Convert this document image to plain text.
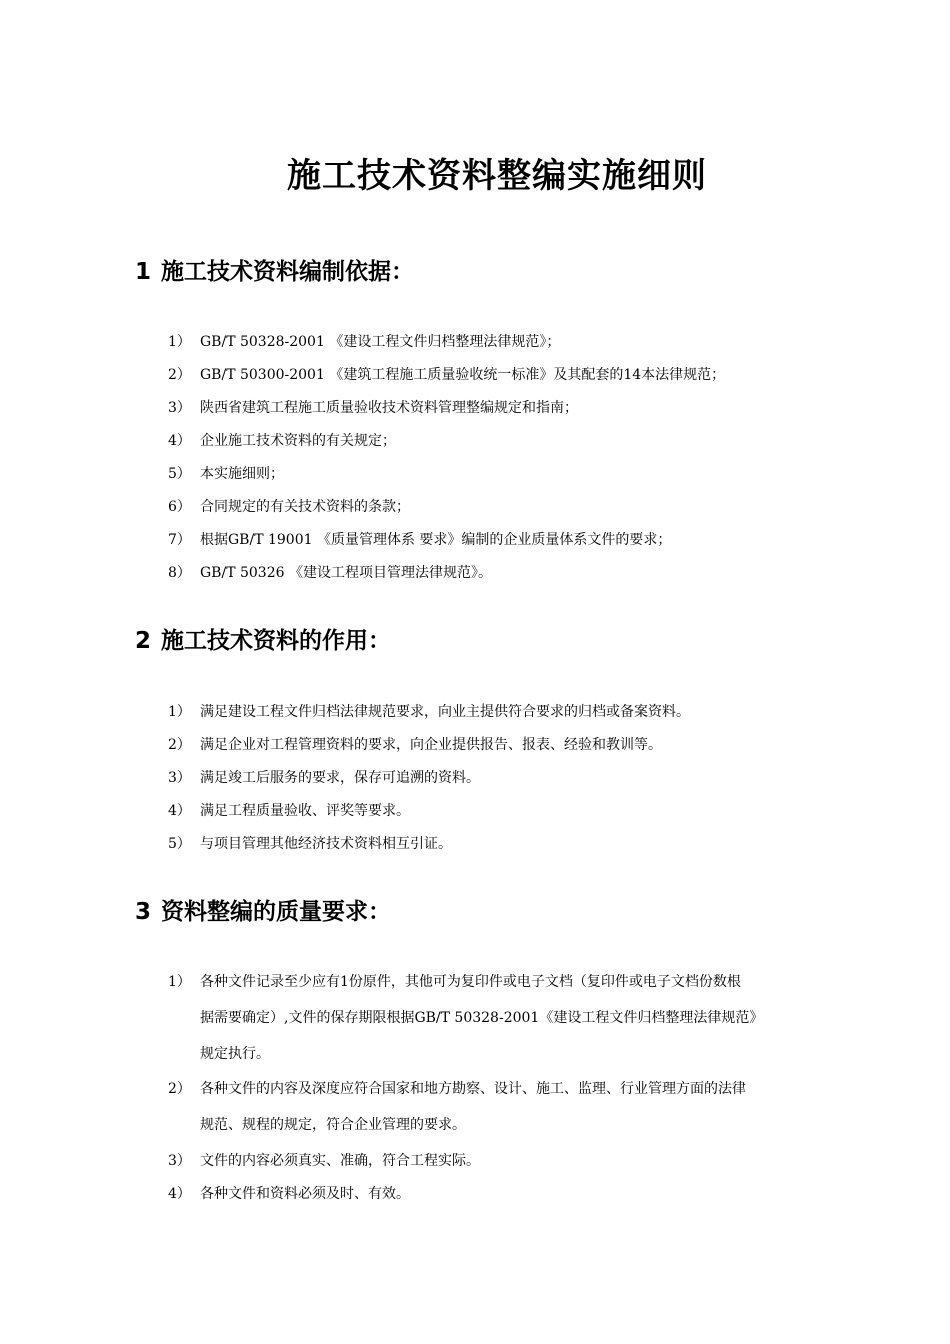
施工技术资料整编实施细则
1 施工技术资料编制依据：
1） GB/T 50328-2001 《建设工程文件归档整理法律规范》；
2） GB/T 50300-2001 《建筑工程施工质量验收统一标准》及其配套的14本法律规范；
3） 陕西省建筑工程施工质量验收技术资料管理整编规定和指南；
4） 企业施工技术资料的有关规定；
5） 本实施细则；
6） 合同规定的有关技术资料的条款；
7） 根据GB/T 19001 《质量管理体系 要求》编制的企业质量体系文件的要求；
8） GB/T 50326 《建设工程项目管理法律规范》。
2 施工技术资料的作用：
1） 满足建设工程文件归档法律规范要求，向业主提供符合要求的归档或备案资料。
2） 满足企业对工程管理资料的要求，向企业提供报告、报表、经验和教训等。
3） 满足竣工后服务的要求，保存可追溯的资料。
4） 满足工程质量验收、评奖等要求。
5） 与项目管理其他经济技术资料相互引证。
3 资料整编的质量要求：
1） 各种文件记录至少应有1份原件，其他可为复印件或电子文档（复印件或电子文档份数根
据需要确定）,文件的保存期限根据GB/T 50328-2001《建设工程文件归档整理法律规范》
规定执行。
2） 各种文件的内容及深度应符合国家和地方勘察、设计、施工、监理、行业管理方面的法律
规范、规程的规定，符合企业管理的要求。
3） 文件的内容必须真实、准确，符合工程实际。
4） 各种文件和资料必须及时、有效。
